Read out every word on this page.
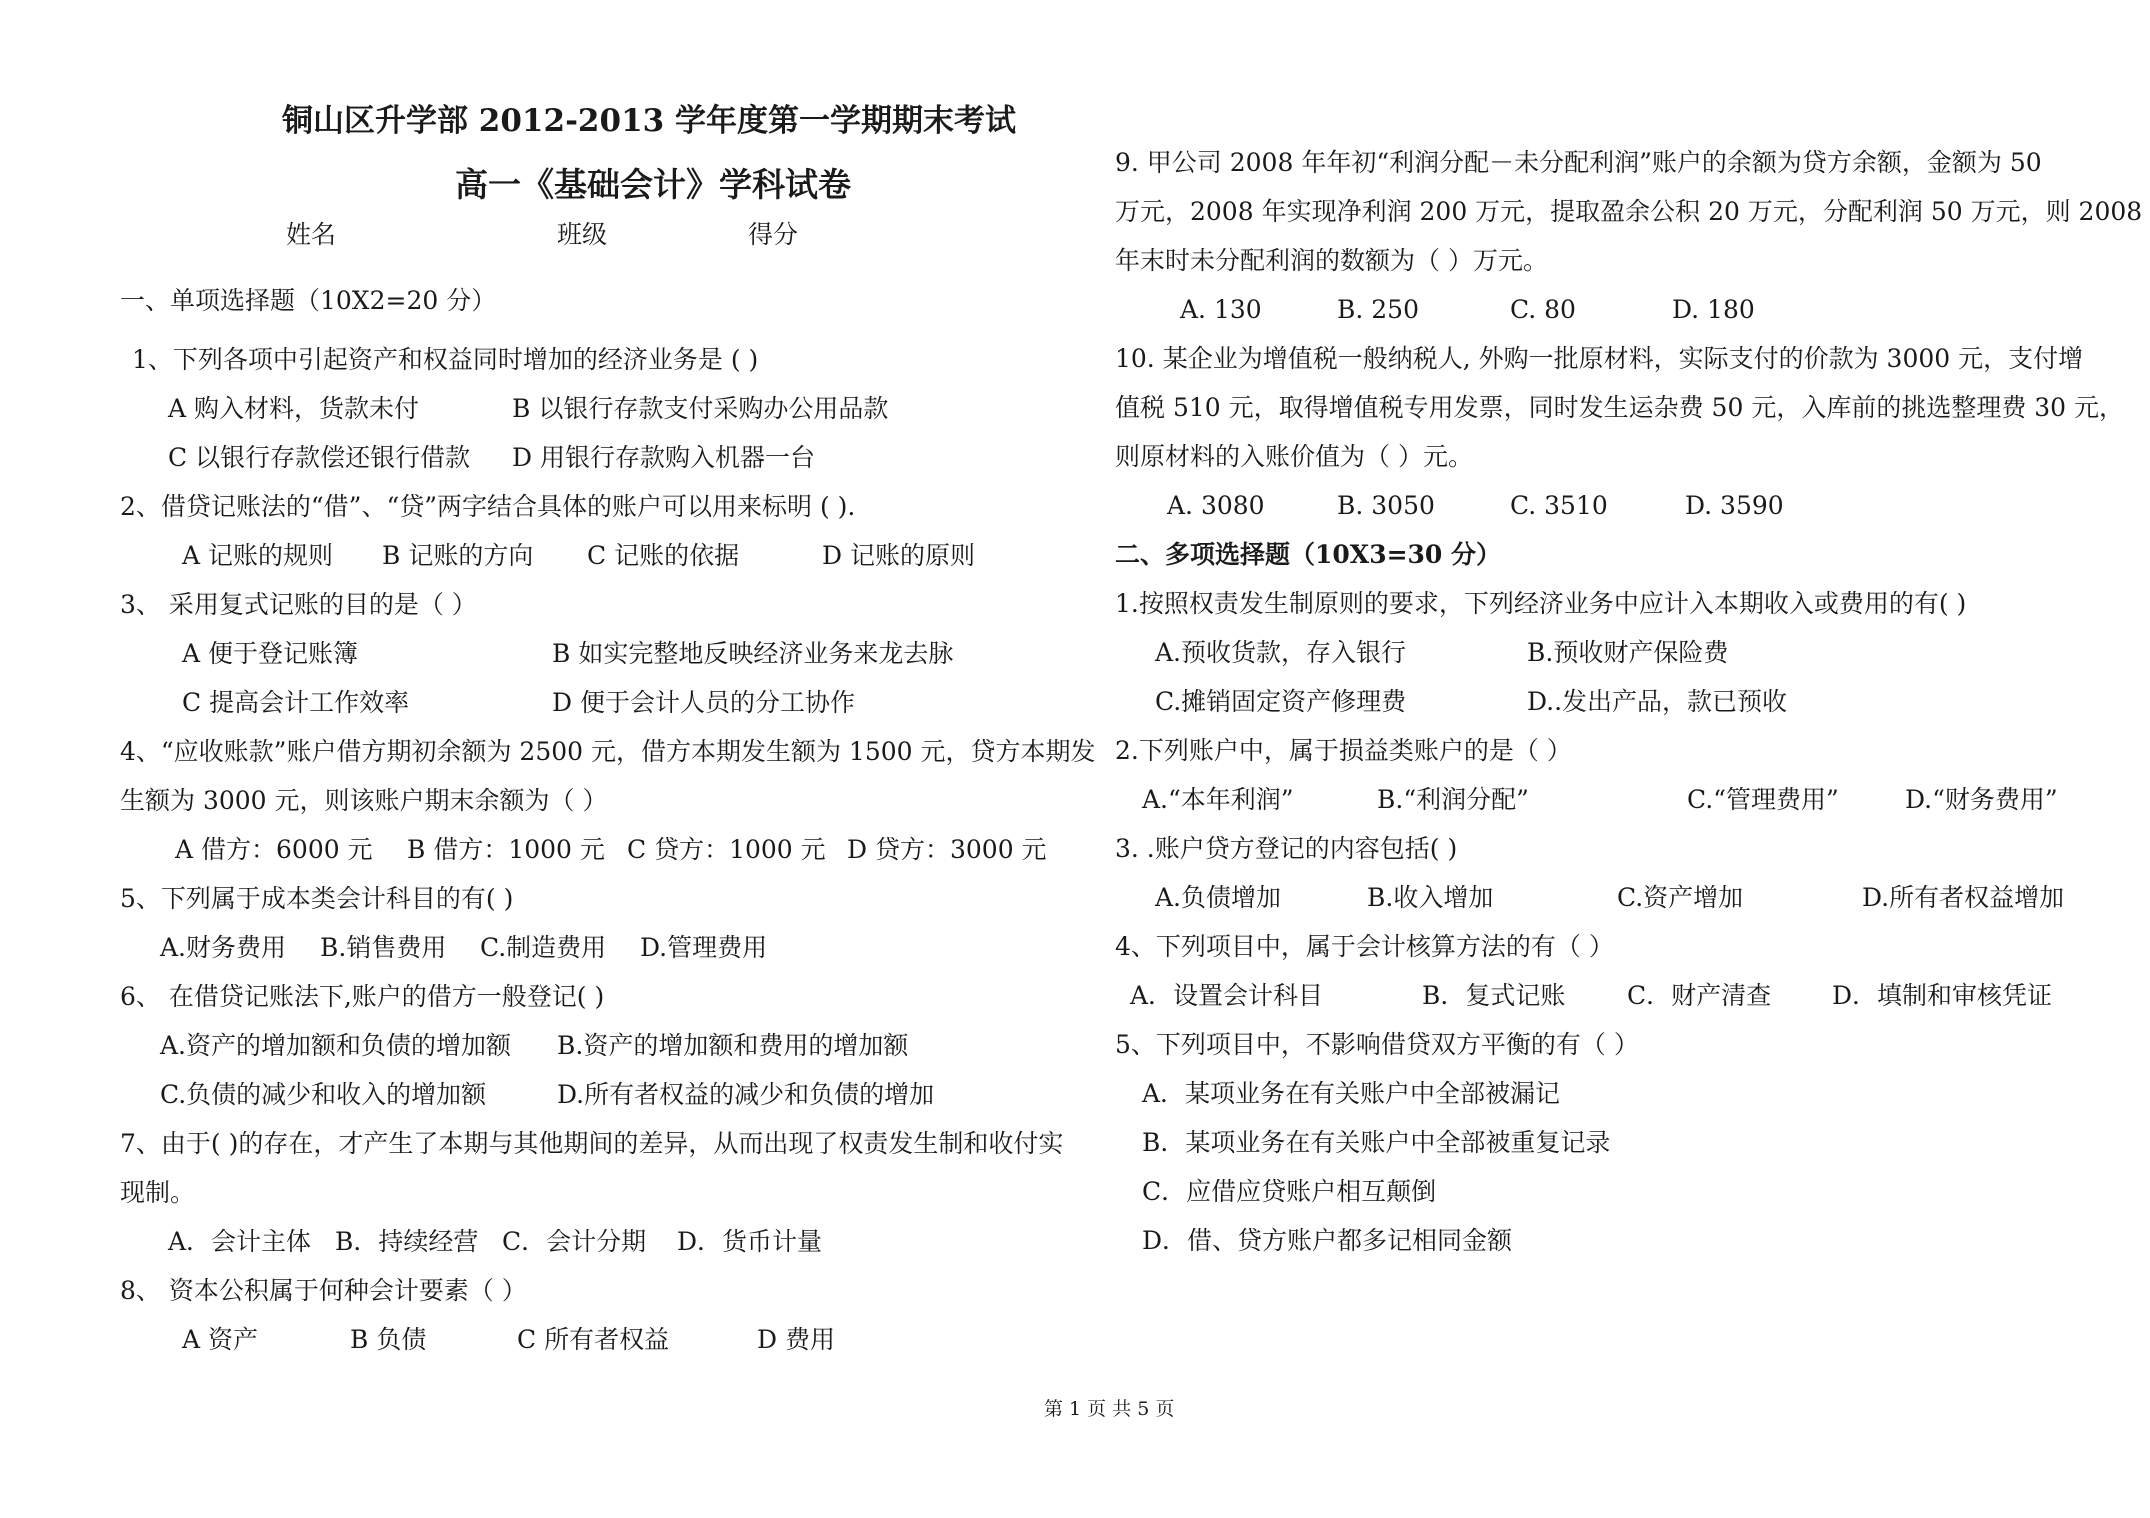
铜山区升学部 2012-2013 学年度第一学期期末考试
高一《基础会计》学科试卷
姓名	班级	得分
一、单项选择题（10X2=20 分）
1、下列各项中引起资产和权益同时增加的经济业务是 ( )
A 购入材料，货款未付	B 以银行存款支付采购办公用品款
C 以银行存款偿还银行借款 D 用银行存款购入机器一台
2、借贷记账法的“借”、“贷”两字结合具体的账户可以用来标明 ( ).
A 记账的规则 B 记账的方向 C 记账的依据	D 记账的原则
3、 采用复式记账的目的是（ ）
A 便于登记账簿	B 如实完整地反映经济业务来龙去脉
C 提高会计工作效率	D 便于会计人员的分工协作
4、“应收账款”账户借方期初余额为 2500 元，借方本期发生额为 1500 元，贷方本期发
生额为 3000 元，则该账户期末余额为（ ）
A 借方：6000 元 B 借方：1000 元 C 贷方：1000 元 D 贷方：3000 元
5、下列属于成本类会计科目的有( )
A.财务费用 B.销售费用 C.制造费用 D.管理费用
6、 在借贷记账法下,账户的借方一般登记( )
A.资产的增加额和负债的增加额 B.资产的增加额和费用的增加额
C.负债的减少和收入的增加额	D.所有者权益的减少和负债的增加
7、由于( )的存在，才产生了本期与其他期间的差异，从而出现了权责发生制和收付实
现制。
A．会计主体 B．持续经营 C．会计分期 D．货币计量
8、 资本公积属于何种会计要素（ ）
A 资产	B 负债	C 所有者权益	D 费用
9. 甲公司 2008 年年初“利润分配－未分配利润”账户的余额为贷方余额，金额为 50
万元，2008 年实现净利润 200 万元，提取盈余公积 20 万元，分配利润 50 万元，则 2008
年末时未分配利润的数额为（ ）万元。
A. 130	B. 250	C. 80	D. 180
10. 某企业为增值税一般纳税人, 外购一批原材料，实际支付的价款为 3000 元，支付增
值税 510 元，取得增值税专用发票，同时发生运杂费 50 元，入库前的挑选整理费 30 元，
则原材料的入账价值为（ ）元。
A. 3080	B. 3050	C. 3510	D. 3590
二、多项选择题（10X3=30 分）
1.按照权责发生制原则的要求，下列经济业务中应计入本期收入或费用的有( )
A.预收货款，存入银行	B.预收财产保险费
C.摊销固定资产修理费	D..发出产品，款已预收
2.下列账户中，属于损益类账户的是（ ）
A.“本年利润”	B.“利润分配”	C.“管理费用”	D.“财务费用”
3. .账户贷方登记的内容包括( )
A.负债增加	B.收入增加	C.资产增加	D.所有者权益增加
4、下列项目中，属于会计核算方法的有（ ）
A．设置会计科目	B．复式记账 C．财产清查 D．填制和审核凭证
5、下列项目中，不影响借贷双方平衡的有（ ）
A．某项业务在有关账户中全部被漏记
B．某项业务在有关账户中全部被重复记录
C．应借应贷账户相互颠倒
D．借、贷方账户都多记相同金额
第 1 页 共 5 页
